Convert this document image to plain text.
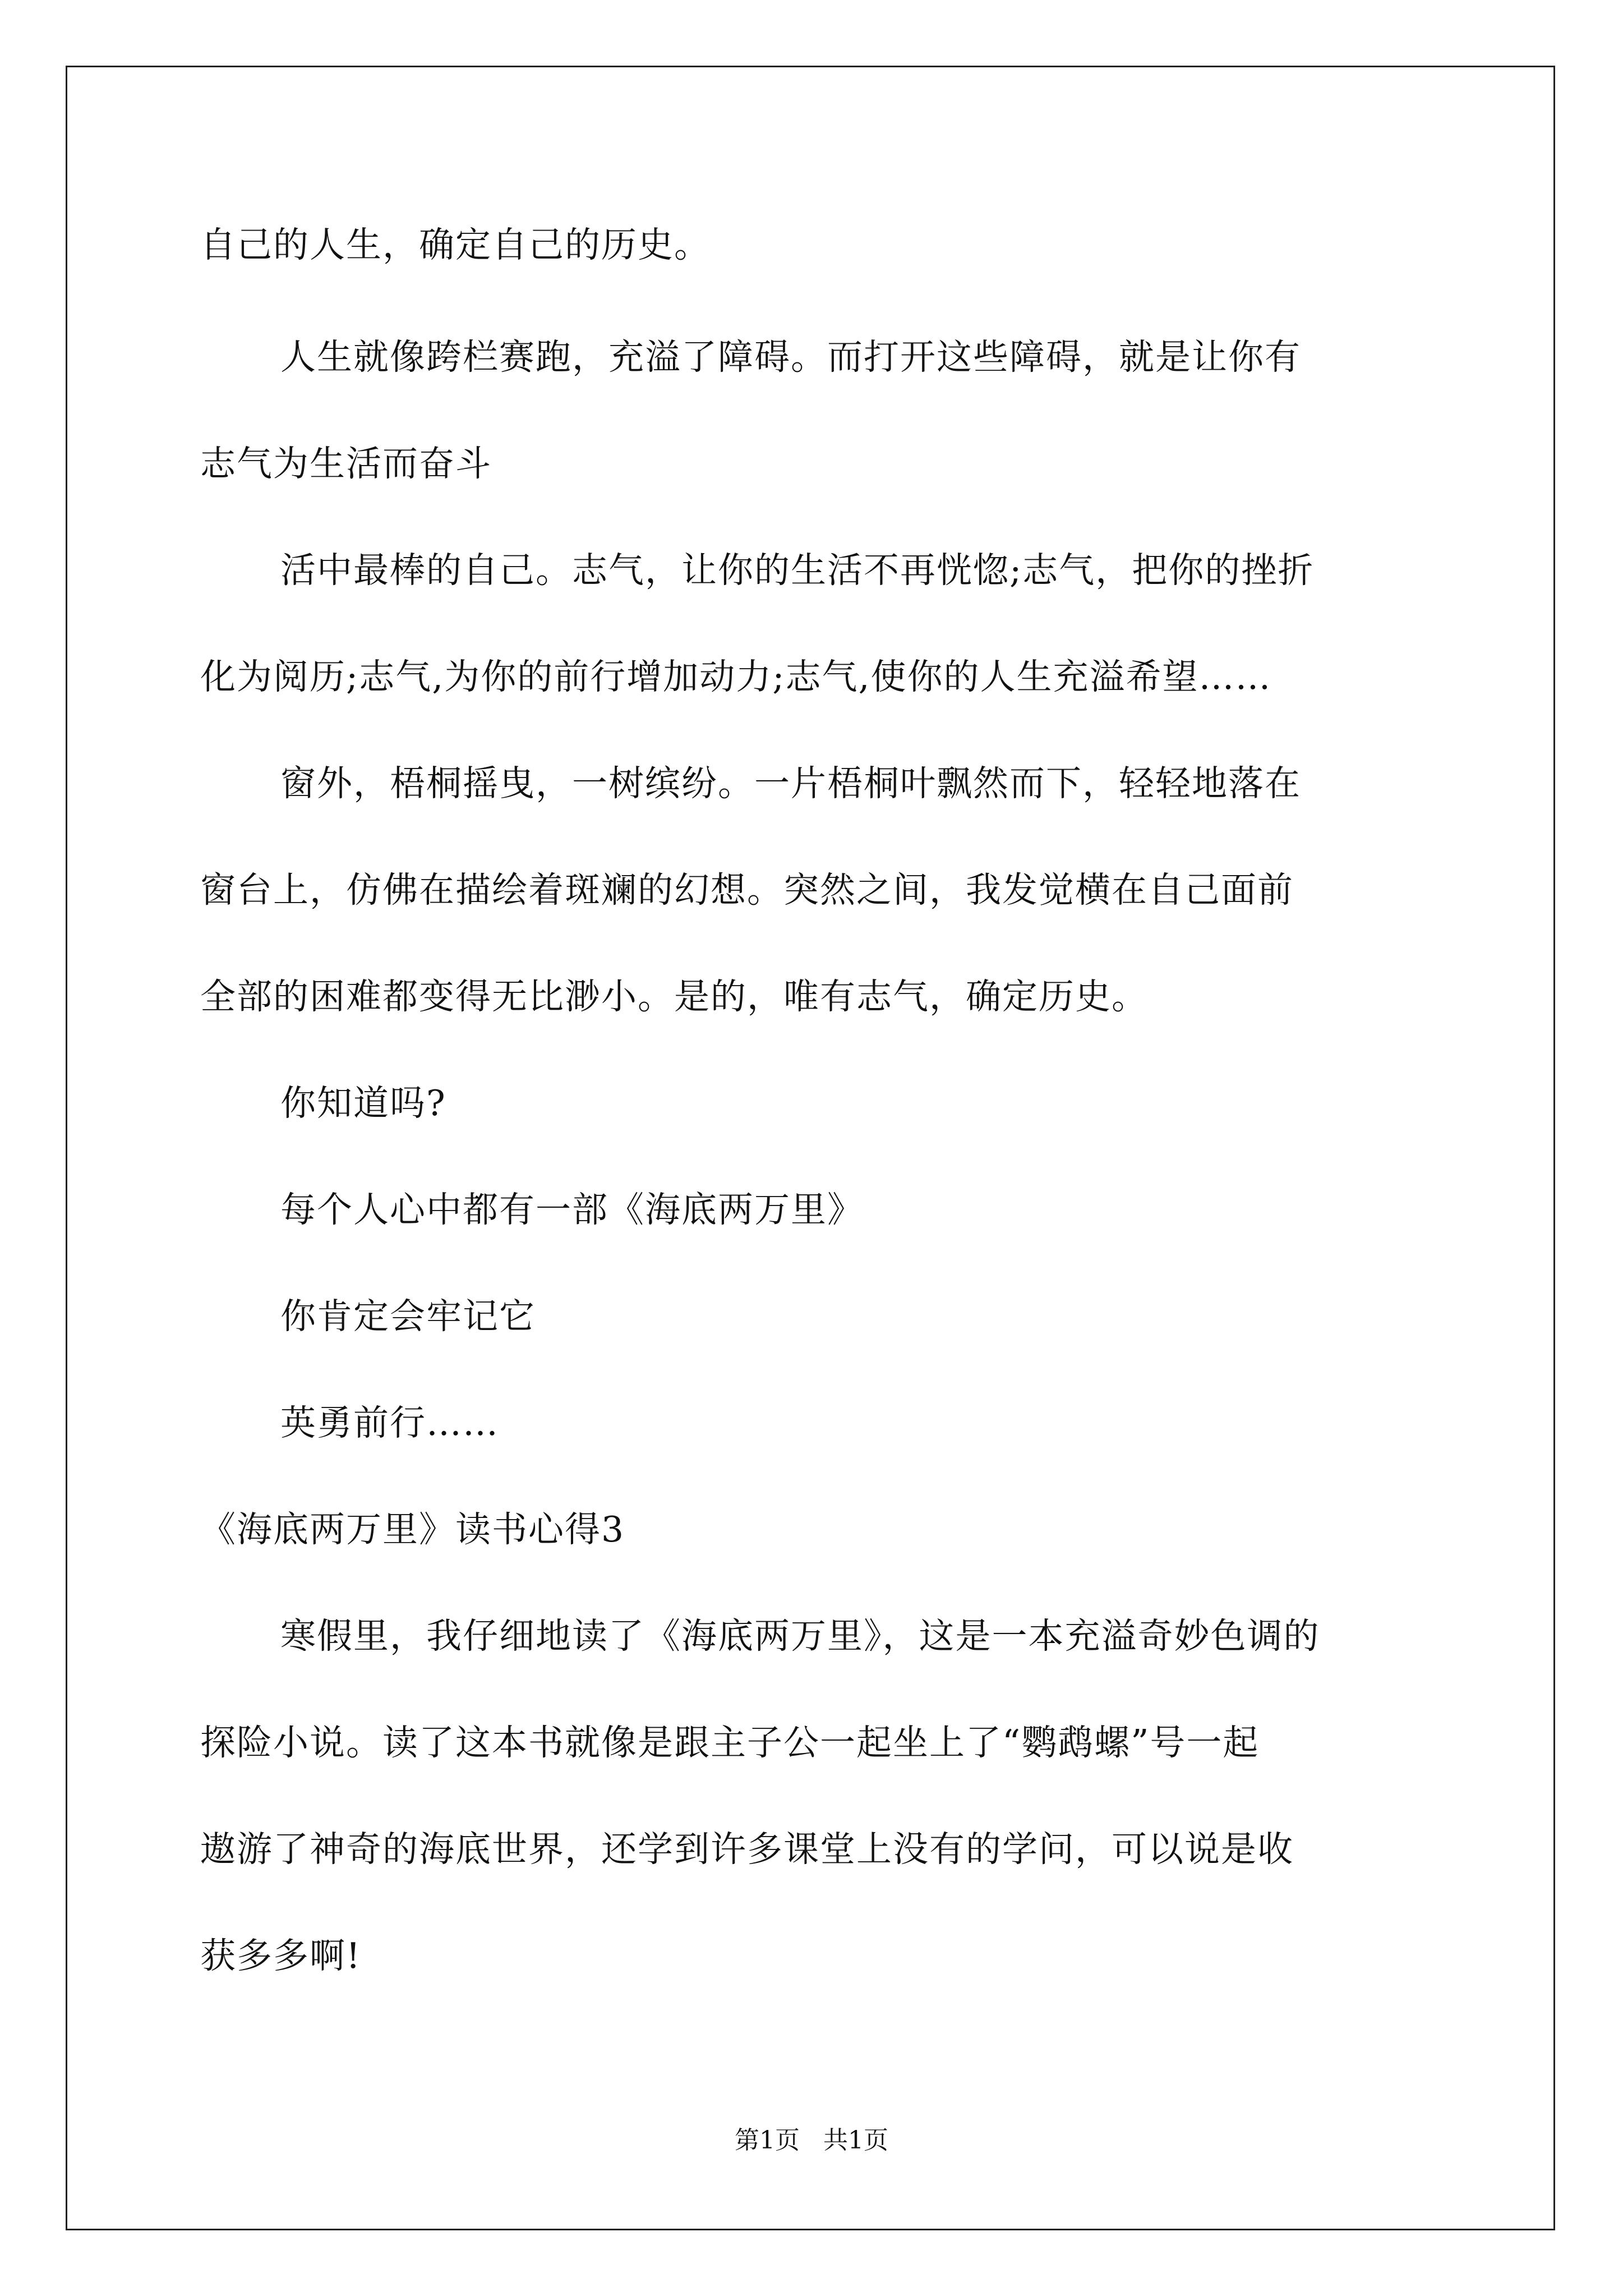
自己的人生，确定自己的历史。
人生就像跨栏赛跑，充溢了障碍。而打开这些障碍，就是让你有
志气为生活而奋斗
活中最棒的自己。志气，让你的生活不再恍惚;志气，把你的挫折
化为阅历;志气,为你的前行增加动力;志气,使你的人生充溢希望……
窗外，梧桐摇曳，一树缤纷。一片梧桐叶飘然而下，轻轻地落在
窗台上，仿佛在描绘着斑斓的幻想。突然之间，我发觉横在自己面前
全部的困难都变得无比渺小。是的，唯有志气，确定历史。
你知道吗?
每个人心中都有一部《海底两万里》
你肯定会牢记它
英勇前行……
《海底两万里》读书心得3
寒假里，我仔细地读了《海底两万里》，这是一本充溢奇妙色调的
探险小说。读了这本书就像是跟主子公一起坐上了“鹦鹉螺”号一起
遨游了神奇的海底世界，还学到许多课堂上没有的学问，可以说是收
获多多啊!
第1页   共1页
